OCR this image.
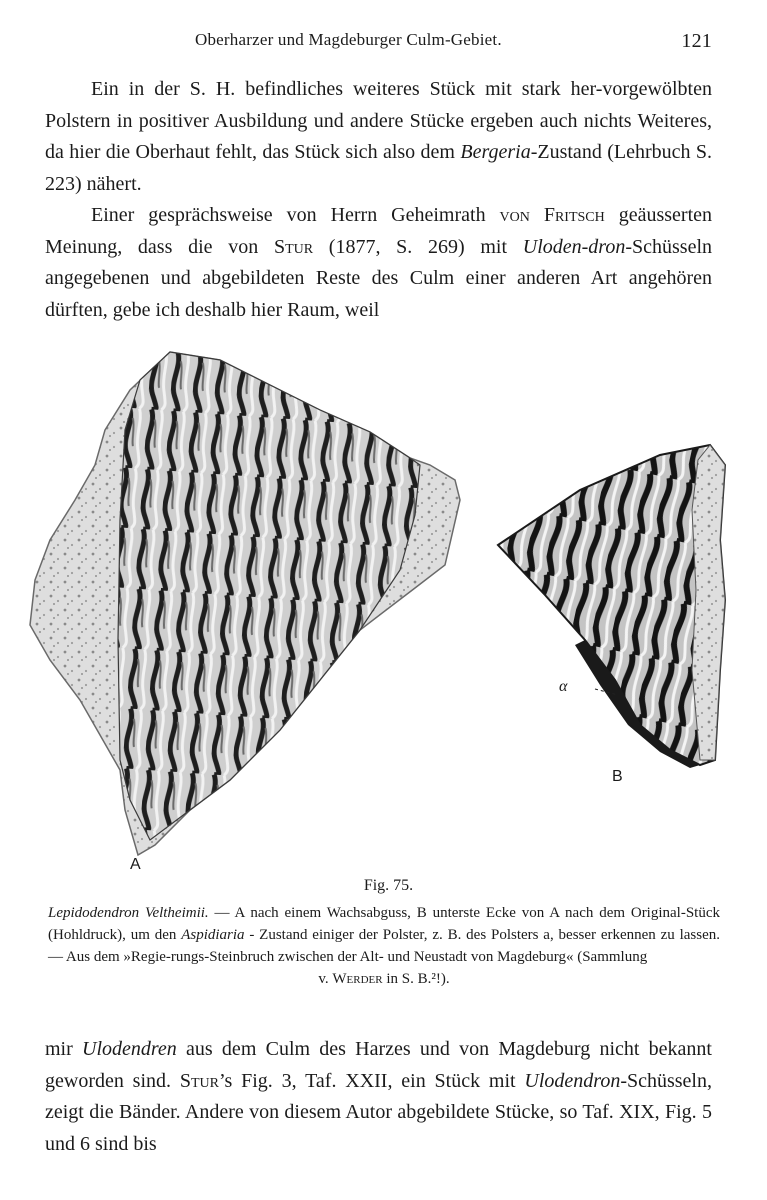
Oberharzer und Magdeburger Culm-Gebiet.	121

Ein in der S. H. befindliches weiteres Stück mit stark her-vorgewölbten Polstern in positiver Ausbildung und andere Stücke ergeben auch nichts Weiteres, da hier die Oberhaut fehlt, das Stück sich also dem Bergeria-Zustand (Lehrbuch S. 223) nähert.

Einer gesprächsweise von Herrn Geheimrath von Fritsch geäusserten Meinung, dass die von Stur (1877, S. 269) mit Uloden-dron-Schüsseln angegebenen und abgebildeten Reste des Culm einer anderen Art angehören dürften, gebe ich deshalb hier Raum, weil

A
B
α
Fig. 75.
Lepidodendron Veltheimii. — A nach einem Wachsabguss, B unterste Ecke von A nach dem Original-Stück (Hohldruck), um den Aspidiaria - Zustand einiger der Polster, z. B. des Polsters a, besser erkennen zu lassen. — Aus dem »Regie-rungs-Steinbruch zwischen der Alt- und Neustadt von Magdeburg« (Sammlung
v. Werder in S. B.²!).

mir Ulodendren aus dem Culm des Harzes und von Magdeburg nicht bekannt geworden sind. Stur’s Fig. 3, Taf. XXII, ein Stück mit Ulodendron-Schüsseln, zeigt die Bänder. Andere von diesem Autor abgebildete Stücke, so Taf. XIX, Fig. 5 und 6 sind bis
